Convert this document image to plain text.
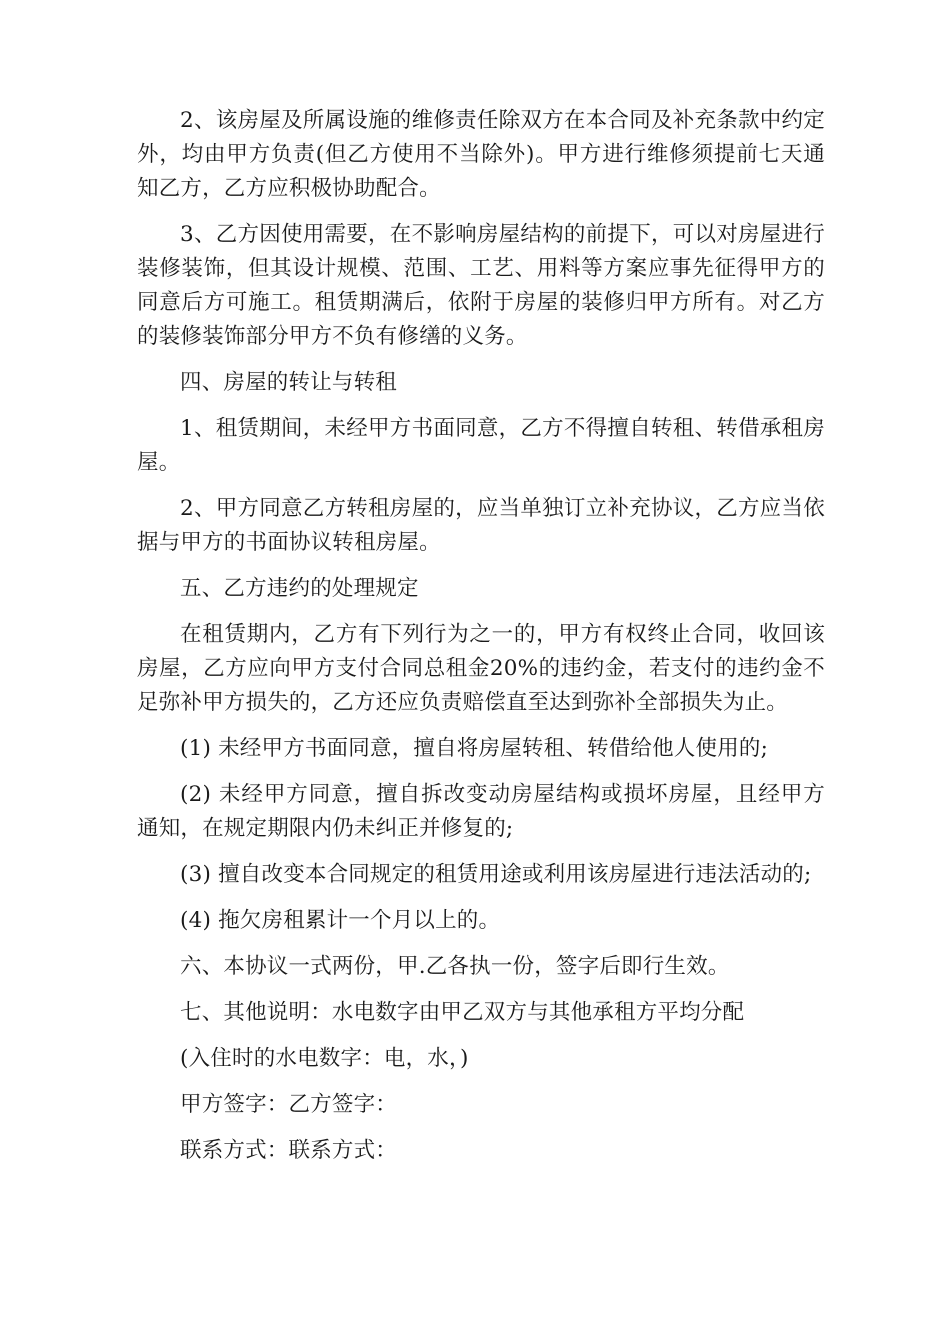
2、该房屋及所属设施的维修责任除双方在本合同及补充条款中约定外，均由甲方负责(但乙方使用不当除外)。甲方进行维修须提前七天通知乙方，乙方应积极协助配合。

3、乙方因使用需要，在不影响房屋结构的前提下，可以对房屋进行装修装饰，但其设计规模、范围、工艺、用料等方案应事先征得甲方的同意后方可施工。租赁期满后，依附于房屋的装修归甲方所有。对乙方的装修装饰部分甲方不负有修缮的义务。

四、房屋的转让与转租

1、租赁期间，未经甲方书面同意，乙方不得擅自转租、转借承租房屋。

2、甲方同意乙方转租房屋的，应当单独订立补充协议，乙方应当依据与甲方的书面协议转租房屋。

五、乙方违约的处理规定

在租赁期内，乙方有下列行为之一的，甲方有权终止合同，收回该房屋，乙方应向甲方支付合同总租金20%的违约金，若支付的违约金不足弥补甲方损失的，乙方还应负责赔偿直至达到弥补全部损失为止。

(1) 未经甲方书面同意，擅自将房屋转租、转借给他人使用的;

(2) 未经甲方同意，擅自拆改变动房屋结构或损坏房屋，且经甲方通知，在规定期限内仍未纠正并修复的;

(3) 擅自改变本合同规定的租赁用途或利用该房屋进行违法活动的;

(4) 拖欠房租累计一个月以上的。

六、本协议一式两份，甲.乙各执一份，签字后即行生效。

七、其他说明：水电数字由甲乙双方与其他承租方平均分配

(入住时的水电数字：电，水，)

甲方签字：乙方签字：

联系方式：联系方式：
